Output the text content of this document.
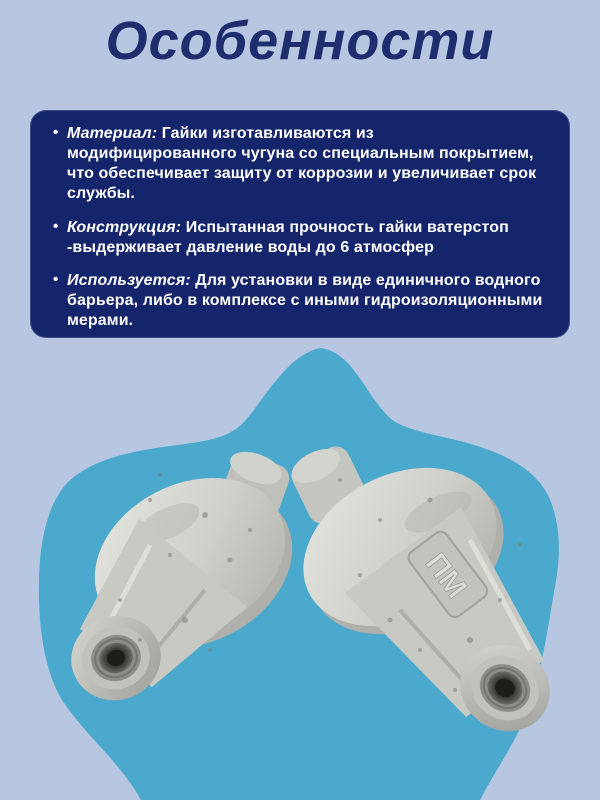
ПМ
Особенности
• Материал: Гайки изготавливаются из модифицированного чугуна со специальным покрытием, что обеспечивает защиту от коррозии и увеличивает срок службы.
• Конструкция: Испытанная прочность гайки ватерстоп -выдерживает давление воды до 6 атмосфер
• Используется: Для установки в виде единичного водного барьера, либо в комплексе с иными гидроизоляционными мерами.
